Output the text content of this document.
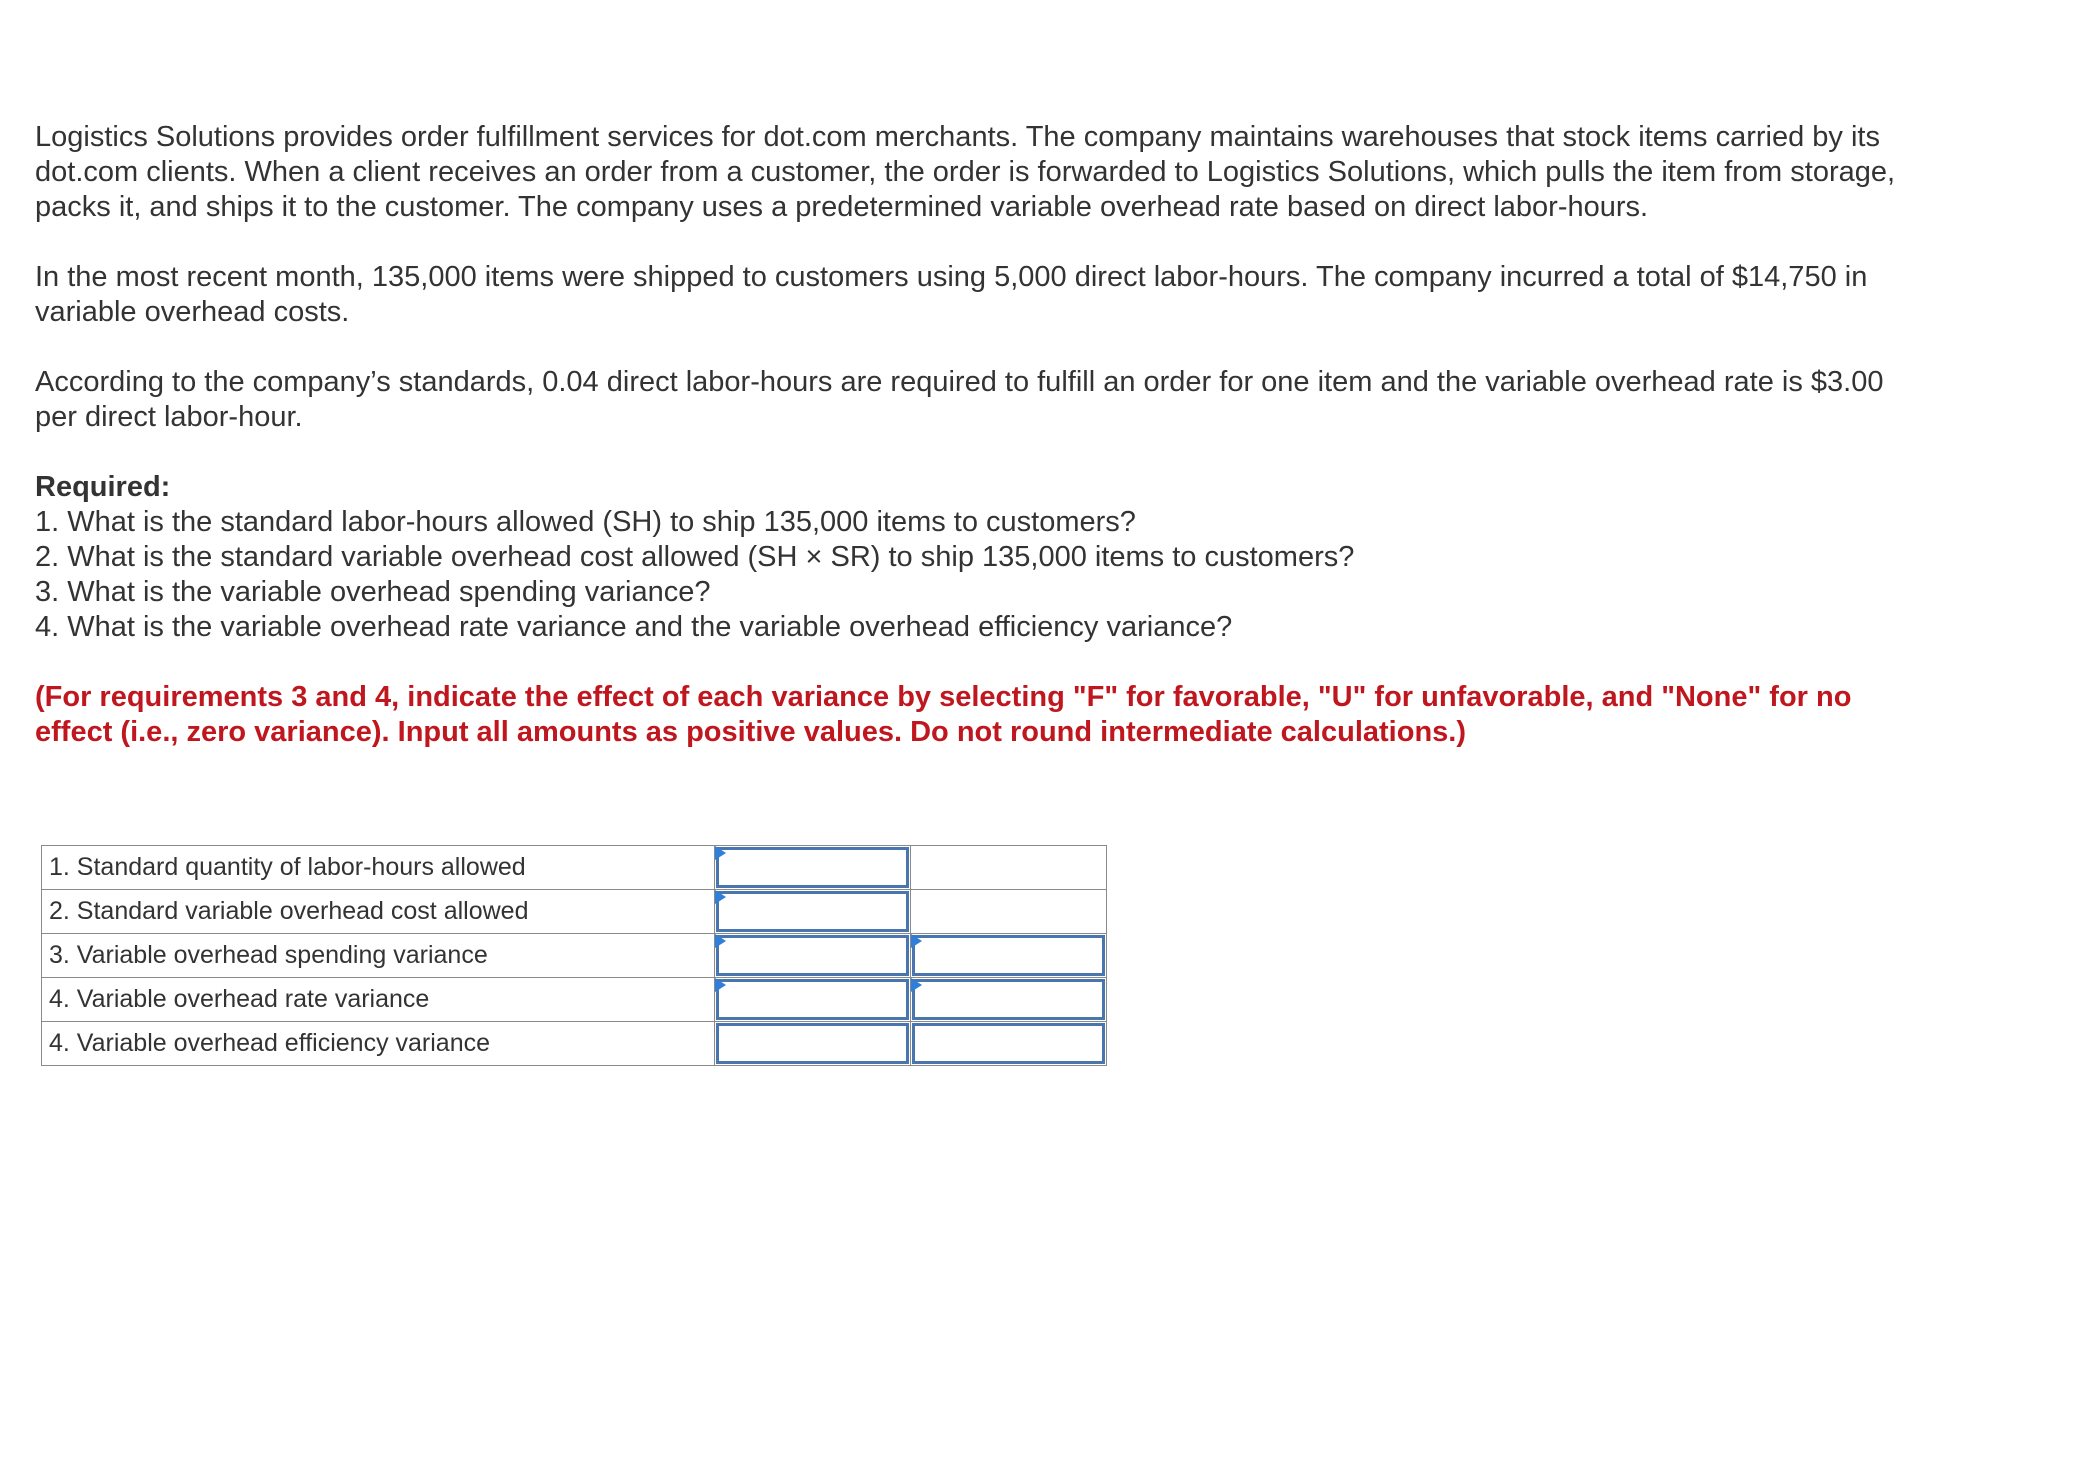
Logistics Solutions provides order fulfillment services for dot.com merchants. The company maintains warehouses that stock items carried by its dot.com clients. When a client receives an order from a customer, the order is forwarded to Logistics Solutions, which pulls the item from storage, packs it, and ships it to the customer. The company uses a predetermined variable overhead rate based on direct labor-hours.

In the most recent month, 135,000 items were shipped to customers using 5,000 direct labor-hours. The company incurred a total of $14,750 in variable overhead costs.

According to the company’s standards, 0.04 direct labor-hours are required to fulfill an order for one item and the variable overhead rate is $3.00 per direct labor-hour.

Required:

1. What is the standard labor-hours allowed (SH) to ship 135,000 items to customers?
2. What is the standard variable overhead cost allowed (SH × SR) to ship 135,000 items to customers?
3. What is the variable overhead spending variance?
4. What is the variable overhead rate variance and the variable overhead efficiency variance?

(For requirements 3 and 4, indicate the effect of each variance by selecting "F" for favorable, "U" for unfavorable, and "None" for no effect (i.e., zero variance). Input all amounts as positive values. Do not round intermediate calculations.)

1. Standard quantity of labor-hours allowed	

2. Standard variable overhead cost allowed	

3. Variable overhead spending variance	

4. Variable overhead rate variance	

4. Variable overhead efficiency variance	
